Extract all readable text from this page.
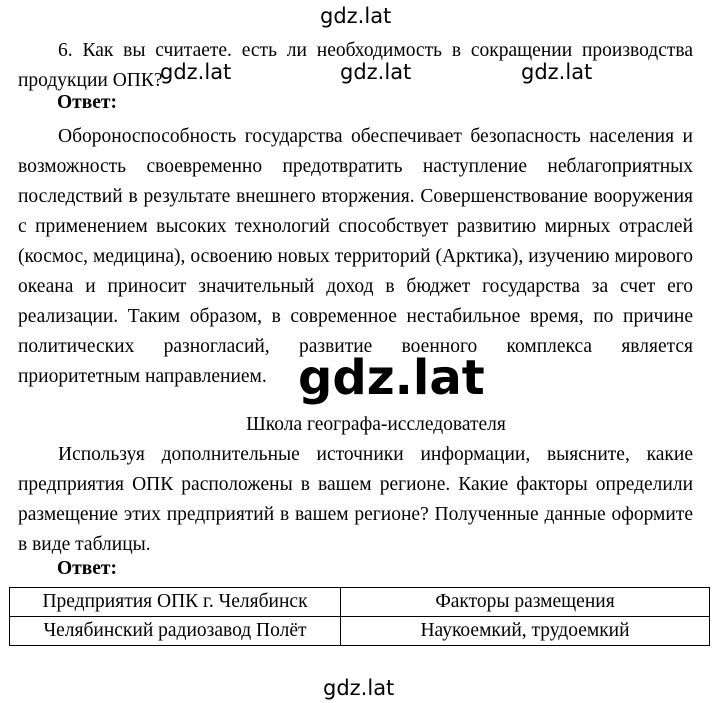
gdz.lat
6. Как вы считаете. есть ли необходимость в сокращении производства
продукции ОПК?
gdz.lat	gdz.lat	gdz.lat
Ответ:
Обороноспособность государства обеспечивает безопасность населения и
возможность своевременно предотвратить наступление неблагоприятных
последствий в результате внешнего вторжения. Совершенствование вооружения
с применением высоких технологий способствует развитию мирных отраслей
(космос, медицина), освоению новых территорий (Арктика), изучению мирового
океана и приносит значительный доход в бюджет государства за счет его
реализации. Таким образом, в современное нестабильное время, по причине
политических разногласий, развитие военного комплекса является
приоритетным направлением. gdz.lat
Школа географа-исследователя
Используя дополнительные источники информации, выясните, какие
предприятия ОПК расположены в вашем регионе. Какие факторы определили
размещение этих предприятий в вашем регионе? Полученные данные оформите
в виде таблицы.
Ответ:
Предприятия ОПК г. Челябинск	Факторы размещения
Челябинский радиозавод Полёт	Наукоемкий, трудоемкий
gdz.lat
